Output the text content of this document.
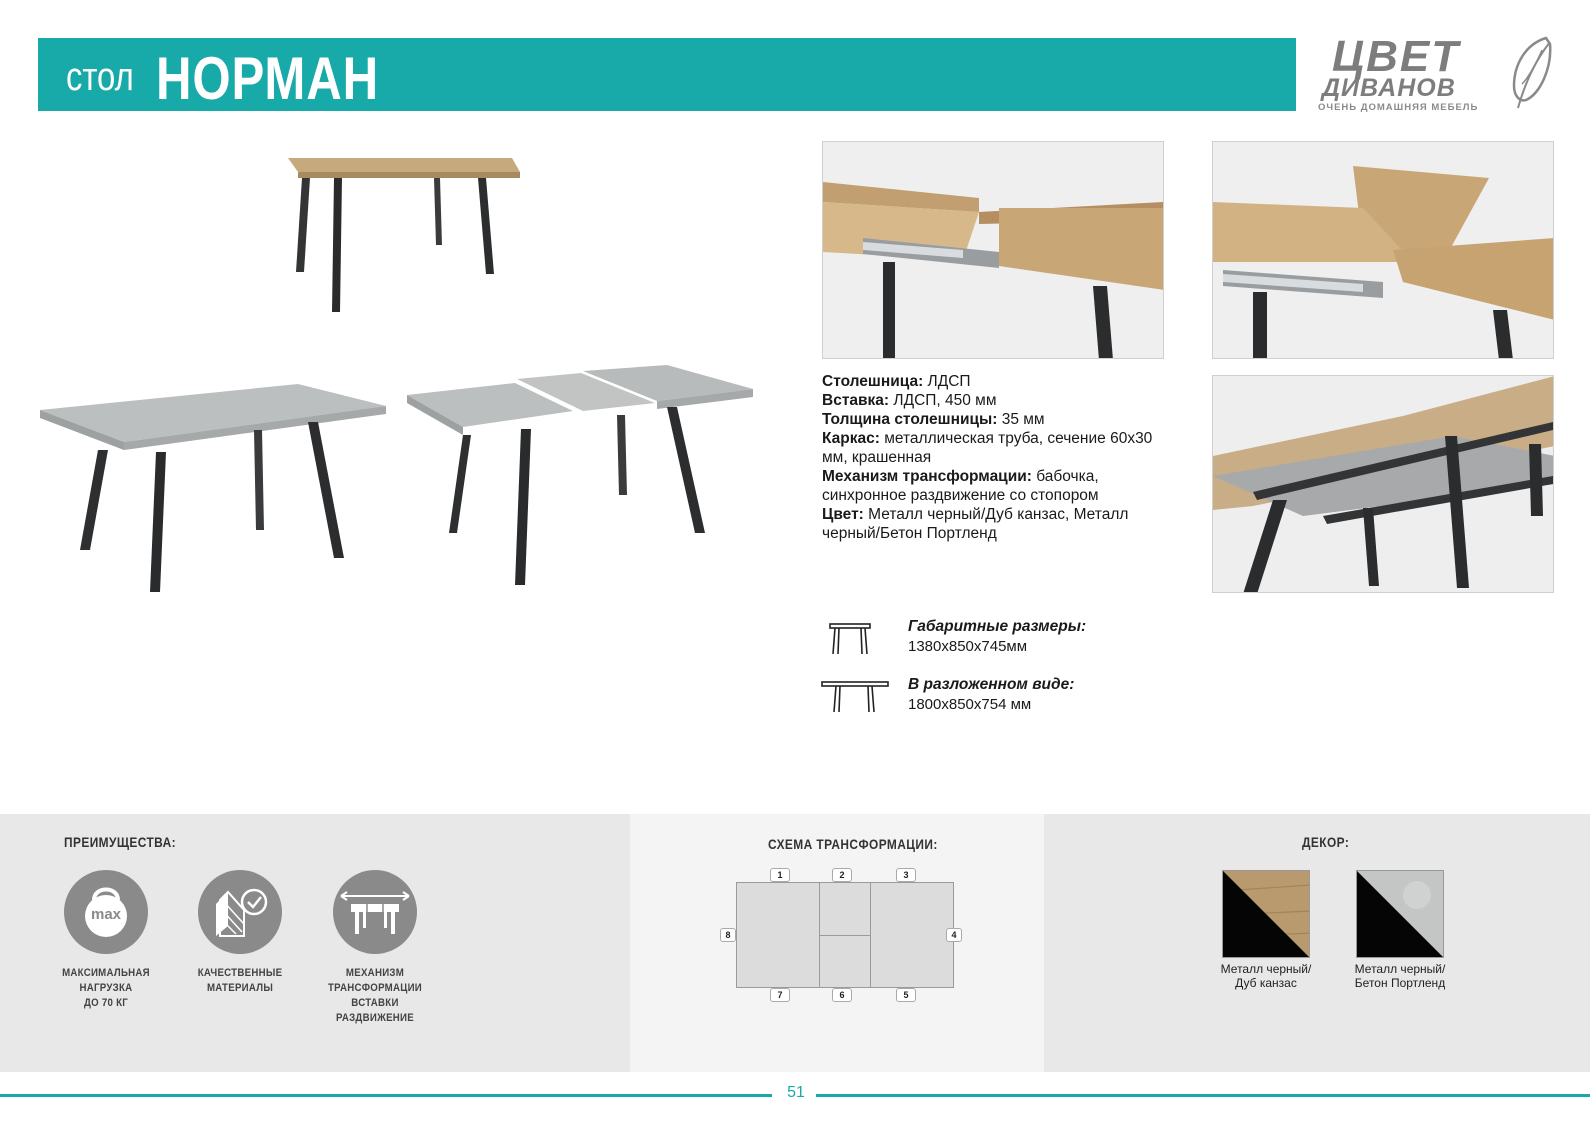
стол НОРМАН	ЦВЕТ
ДИВАНОВ
ОЧЕНЬ ДОМАШНЯЯ МЕБЕЛЬ

Столешница: ЛДСП

Вставка: ЛДСП, 450 мм

Толщина столешницы: 35 мм

Каркас: металлическая труба, сечение 60х30 мм, крашенная

Механизм трансформации: бабочка, синхронное раздвижение со стопором

Цвет: Металл черный/Дуб канзас, Металл черный/Бетон Портленд

Габаритные размеры:
1380x850x745мм
В разложенном виде:
1800x850x754 мм
ПРЕИМУЩЕСТВА:	СХЕМА ТРАНСФОРМАЦИИ:	ДЕКОР:
max
МАКСИМАЛЬНАЯ
НАГРУЗКА
ДО 70 КГ
КАЧЕСТВЕННЫЕ
МАТЕРИАЛЫ
МЕХАНИЗМ
ТРАНСФОРМАЦИИ
ВСТАВКИ РАЗДВИЖЕНИЕ
1	2	3
4
5
6
7
8
Металл черный/
Дуб канзас
Металл черный/
Бетон Портленд
51
